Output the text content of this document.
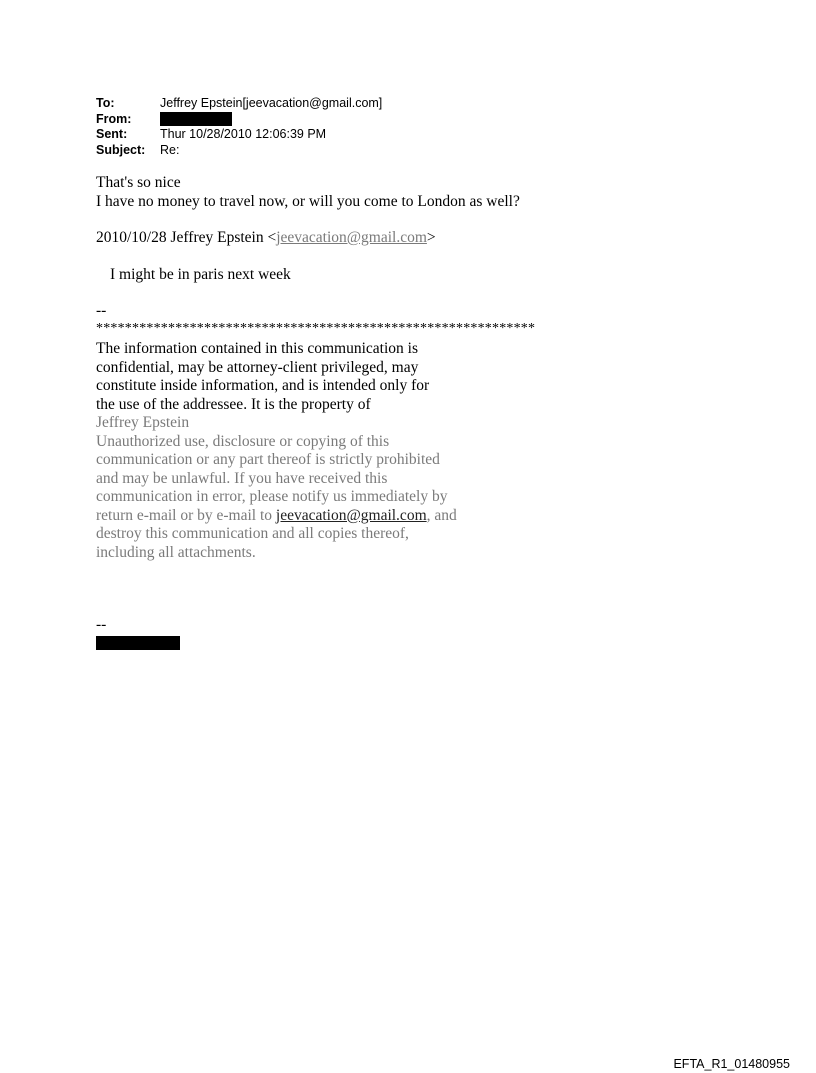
To:	Jeffrey Epstein[jeevacation@gmail.com]
From:
Sent:	Thur 10/28/2010 12:06:39 PM
Subject:	Re:
That's so nice
I have no money to travel now, or will you come to London as well?
2010/10/28 Jeffrey Epstein <jeevacation@gmail.com>
I might be in paris next week
--
*************************************************************
The information contained in this communication is
confidential, may be attorney-client privileged, may
constitute inside information, and is intended only for
the use of the addressee. It is the property of
Jeffrey Epstein
Unauthorized use, disclosure or copying of this
communication or any part thereof is strictly prohibited
and may be unlawful. If you have received this
communication in error, please notify us immediately by
return e-mail or by e-mail to jeevacation@gmail.com, and
destroy this communication and all copies thereof,
including all attachments.
--
EFTA_R1_01480955
